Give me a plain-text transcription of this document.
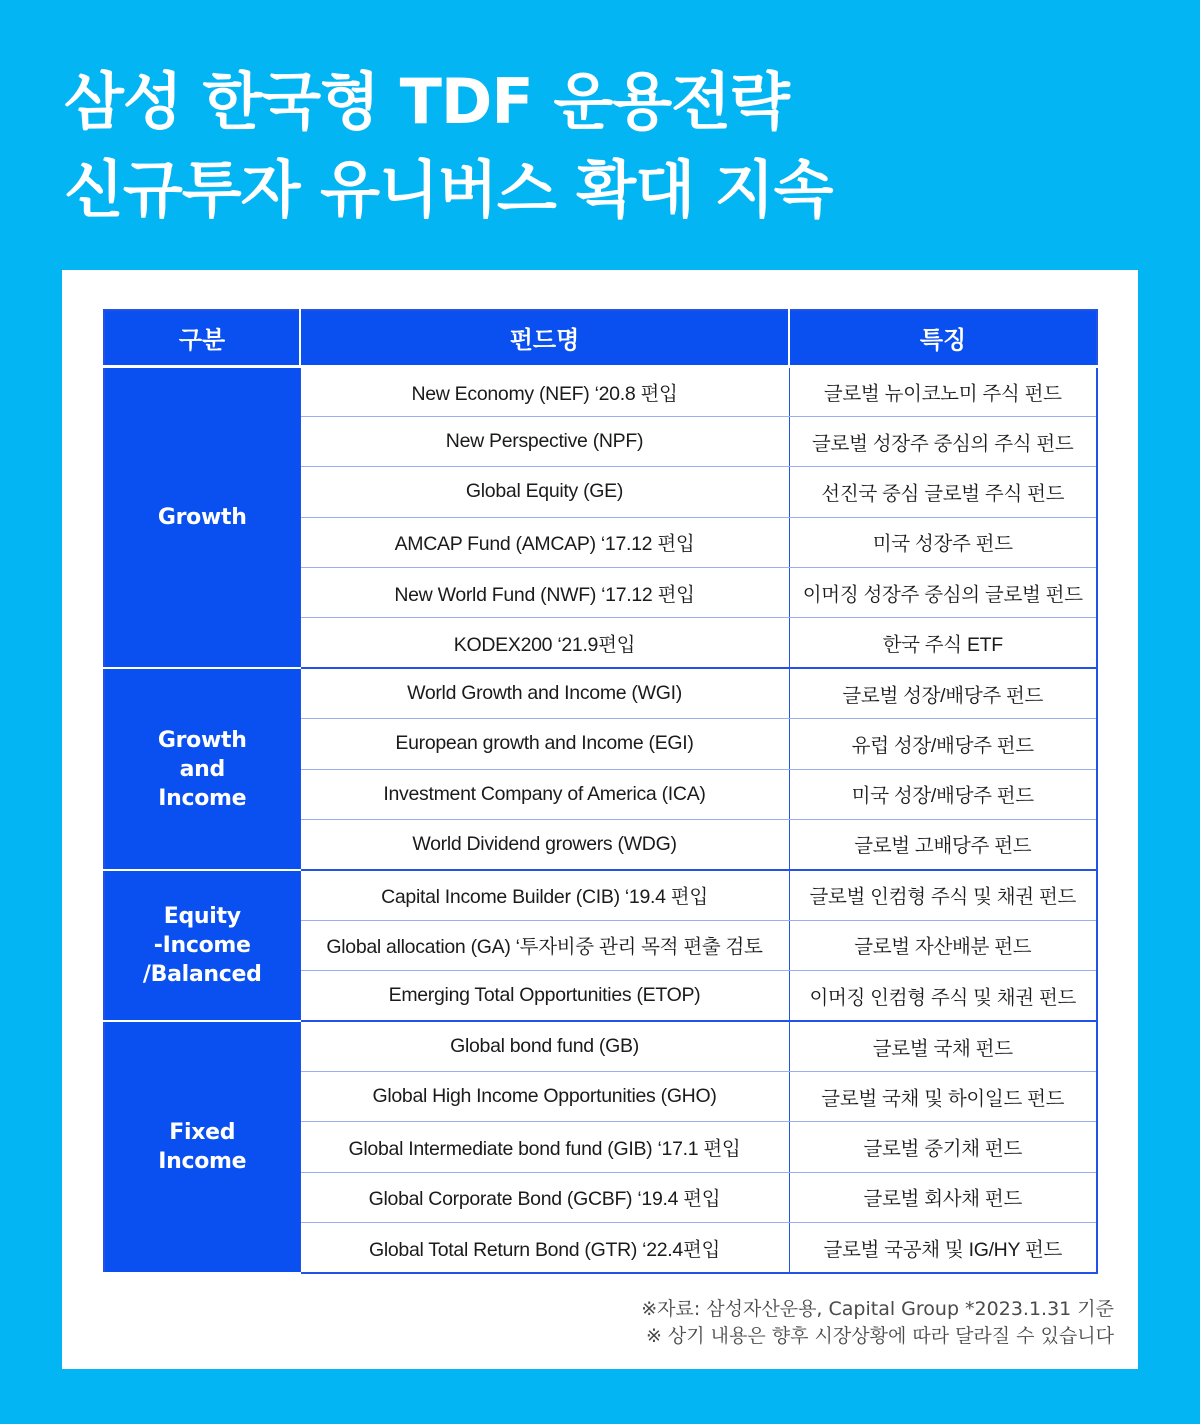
삼성 한국형 TDF 운용전략
신규투자 유니버스 확대 지속
구분	펀드명	특징

Growth	New Economy (NEF) ‘20.8 편입	글로벌 뉴이코노미 주식 펀드
	New Perspective (NPF)	글로벌 성장주 중심의 주식 펀드
	Global Equity (GE)	선진국 중심 글로벌 주식 펀드
	AMCAP Fund (AMCAP) ‘17.12 편입	미국 성장주 펀드
	New World Fund (NWF) ‘17.12 편입	이머징 성장주 중심의 글로벌 펀드
	KODEX200 ‘21.9편입	한국 주식 ETF

Growth
and
Income	World Growth and Income (WGI)	글로벌 성장/배당주 펀드
	European growth and Income (EGI)	유럽 성장/배당주 펀드
	Investment Company of America (ICA)	미국 성장/배당주 펀드
	World Dividend growers (WDG)	글로벌 고배당주 펀드

Equity
-Income
/Balanced	Capital Income Builder (CIB) ‘19.4 편입	글로벌 인컴형 주식 및 채권 펀드
	Global allocation (GA) ‘투자비중 관리 목적 편출 검토	글로벌 자산배분 펀드
	Emerging Total Opportunities (ETOP)	이머징 인컴형 주식 및 채권 펀드

Fixed
Income	Global bond fund (GB)	글로벌 국채 펀드
	Global High Income Opportunities (GHO)	글로벌 국채 및 하이일드 펀드
	Global Intermediate bond fund (GIB) ‘17.1 편입	글로벌 중기채 펀드
	Global Corporate Bond (GCBF) ‘19.4 편입	글로벌 회사채 펀드
	Global Total Return Bond (GTR) ‘22.4편입	글로벌 국공채 및 IG/HY 펀드
※자료: 삼성자산운용, Capital Group *2023.1.31 기준
※ 상기 내용은 향후 시장상황에 따라 달라질 수 있습니다
